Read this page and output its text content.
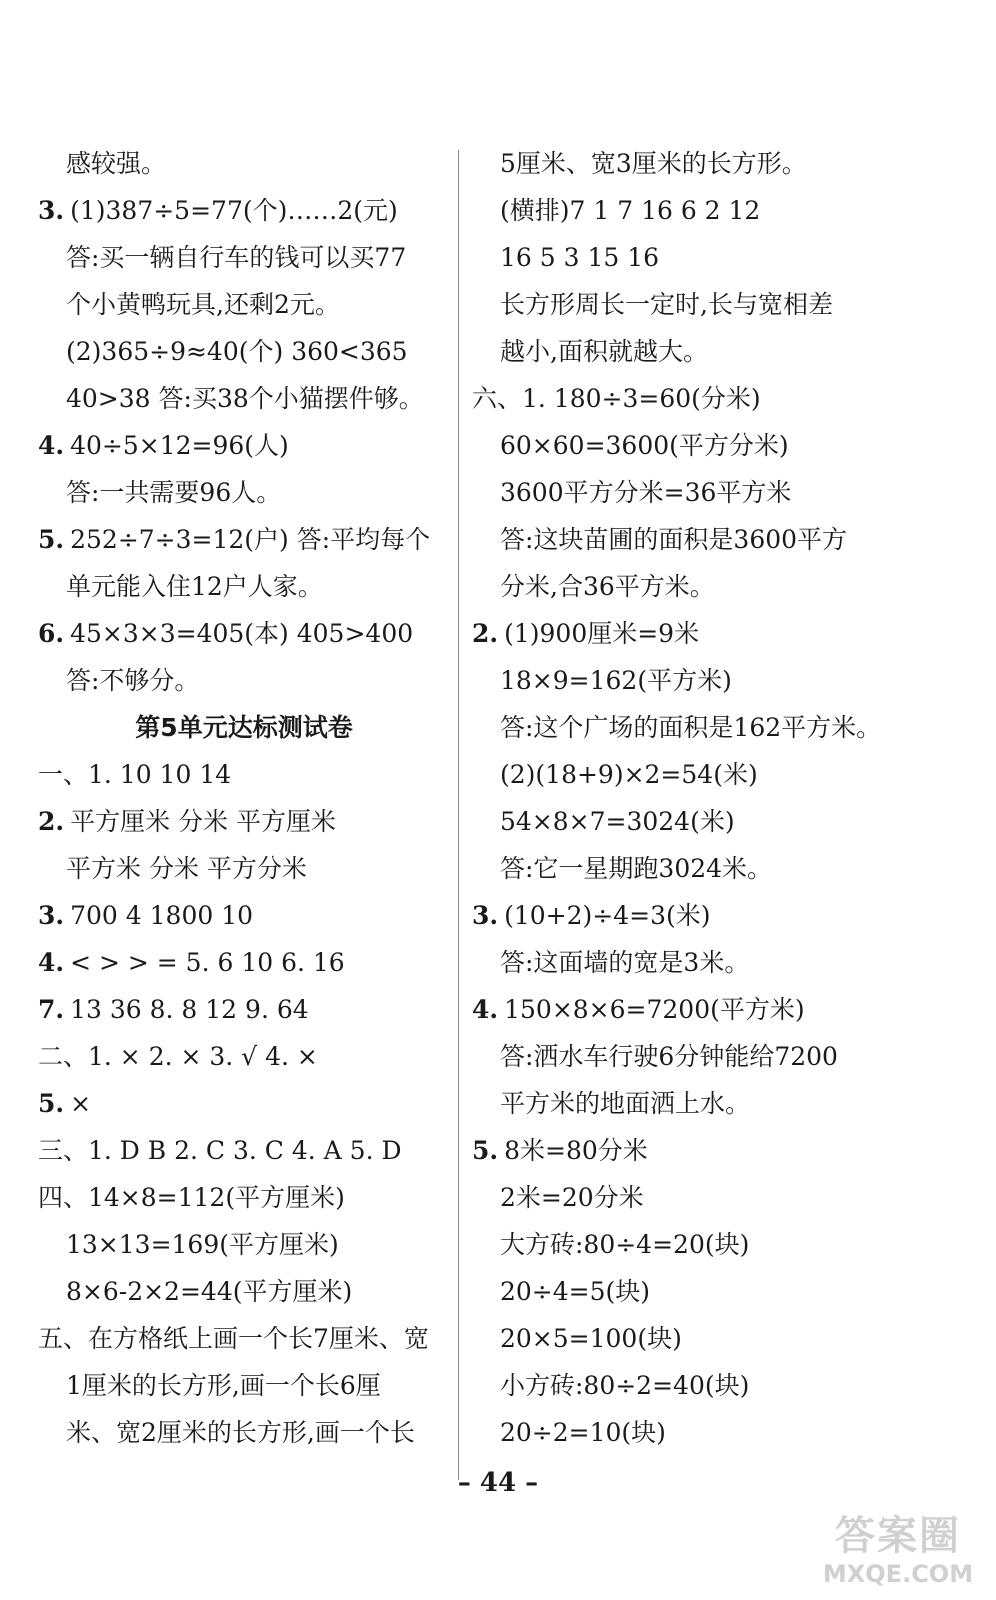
感较强。
3. (1)387÷5=77(个)……2(元)
答:买一辆自行车的钱可以买77
个小黄鸭玩具,还剩2元。
(2)365÷9≈40(个) 360<365
40>38 答:买38个小猫摆件够。
4. 40÷5×12=96(人)
答:一共需要96人。
5. 252÷7÷3=12(户) 答:平均每个
单元能入住12户人家。
6. 45×3×3=405(本) 405>400
答:不够分。
第5单元达标测试卷
一、1. 10 10 14
2. 平方厘米 分米 平方厘米
平方米 分米 平方分米
3. 700 4 1800 10
4. < > > = 5. 6 10 6. 16
7. 13 36 8. 8 12 9. 64
二、1. × 2. × 3. √ 4. ×
5. ×
三、1. D B 2. C 3. C 4. A 5. D
四、14×8=112(平方厘米)
13×13=169(平方厘米)
8×6-2×2=44(平方厘米)
五、在方格纸上画一个长7厘米、宽
1厘米的长方形,画一个长6厘
米、宽2厘米的长方形,画一个长
5厘米、宽3厘米的长方形。
(横排)7 1 7 16 6 2 12
16 5 3 15 16
长方形周长一定时,长与宽相差
越小,面积就越大。
六、1. 180÷3=60(分米)
60×60=3600(平方分米)
3600平方分米=36平方米
答:这块苗圃的面积是3600平方
分米,合36平方米。
2. (1)900厘米=9米
18×9=162(平方米)
答:这个广场的面积是162平方米。
(2)(18+9)×2=54(米)
54×8×7=3024(米)
答:它一星期跑3024米。
3. (10+2)÷4=3(米)
答:这面墙的宽是3米。
4. 150×8×6=7200(平方米)
答:洒水车行驶6分钟能给7200
平方米的地面洒上水。
5. 8米=80分米
2米=20分米
大方砖:80÷4=20(块)
20÷4=5(块)
20×5=100(块)
小方砖:80÷2=40(块)
20÷2=10(块)
– 44 –
答案圈
MXQE.COM
